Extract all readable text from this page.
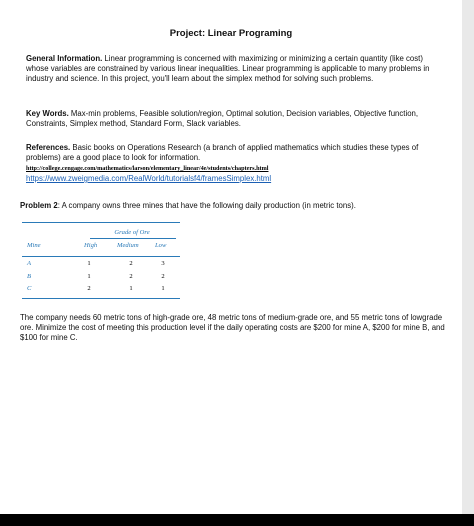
Project: Linear Programing
General Information. Linear programming is concerned with maximizing or minimizing a certain quantity (like cost) whose variables are constrained by various linear inequalities. Linear programming is applicable to many problems in industry and science. In this project, you'll learn about the simplex method for solving such problems.
Key Words. Max-min problems, Feasible solution/region, Optimal solution, Decision variables, Objective function, Constraints, Simplex method, Standard Form, Slack variables.
References. Basic books on Operations Research (a branch of applied mathematics which studies these types of problems) are a good place to look for information.
http://college.cengage.com/mathematics/larson/elementary_linear/4e/students/chapters.html
https://www.zweigmedia.com/RealWorld/tutorialsf4/framesSimplex.html
Problem 2: A company owns three mines that have the following daily production (in metric tons).
Grade of Ore
Mine	High	Medium Low
A	1	2	3
B	1	2	2
C	2	1	1
The company needs 60 metric tons of high-grade ore, 48 metric tons of medium-grade ore, and 55 metric tons of lowgrade ore. Minimize the cost of meeting this production level if the daily operating costs are $200 for mine A, $200 for mine B, and $100 for mine C.
